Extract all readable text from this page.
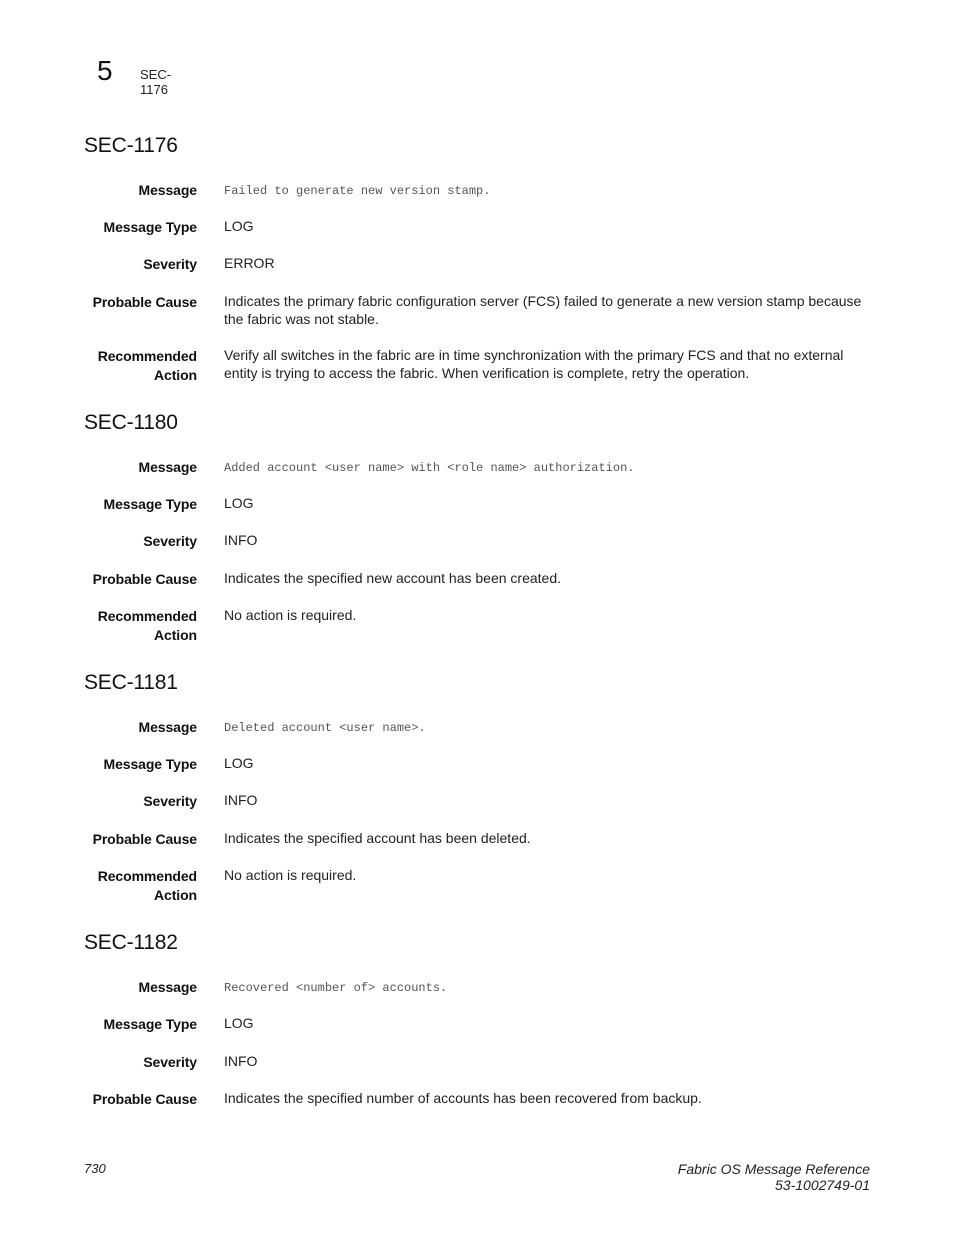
5 SEC-1176
SEC-1176
Message Failed to generate new version stamp.
Message Type LOG
Severity ERROR
Probable Cause Indicates the primary fabric configuration server (FCS) failed to generate a new version stamp because the fabric was not stable.
Recommended
Action
Verify all switches in the fabric are in time synchronization with the primary FCS and that no external entity is trying to access the fabric. When verification is complete, retry the operation.
SEC-1180
Message Added account <user name> with <role name> authorization.
Message Type LOG
Severity INFO
Probable Cause Indicates the specified new account has been created.
Recommended
Action
No action is required.
SEC-1181
Message Deleted account <user name>.
Message Type LOG
Severity INFO
Probable Cause Indicates the specified account has been deleted.
Recommended
Action
No action is required.
SEC-1182
Message Recovered <number of> accounts.
Message Type LOG
Severity INFO
Probable Cause Indicates the specified number of accounts has been recovered from backup.
730	Fabric OS Message Reference
53-1002749-01
